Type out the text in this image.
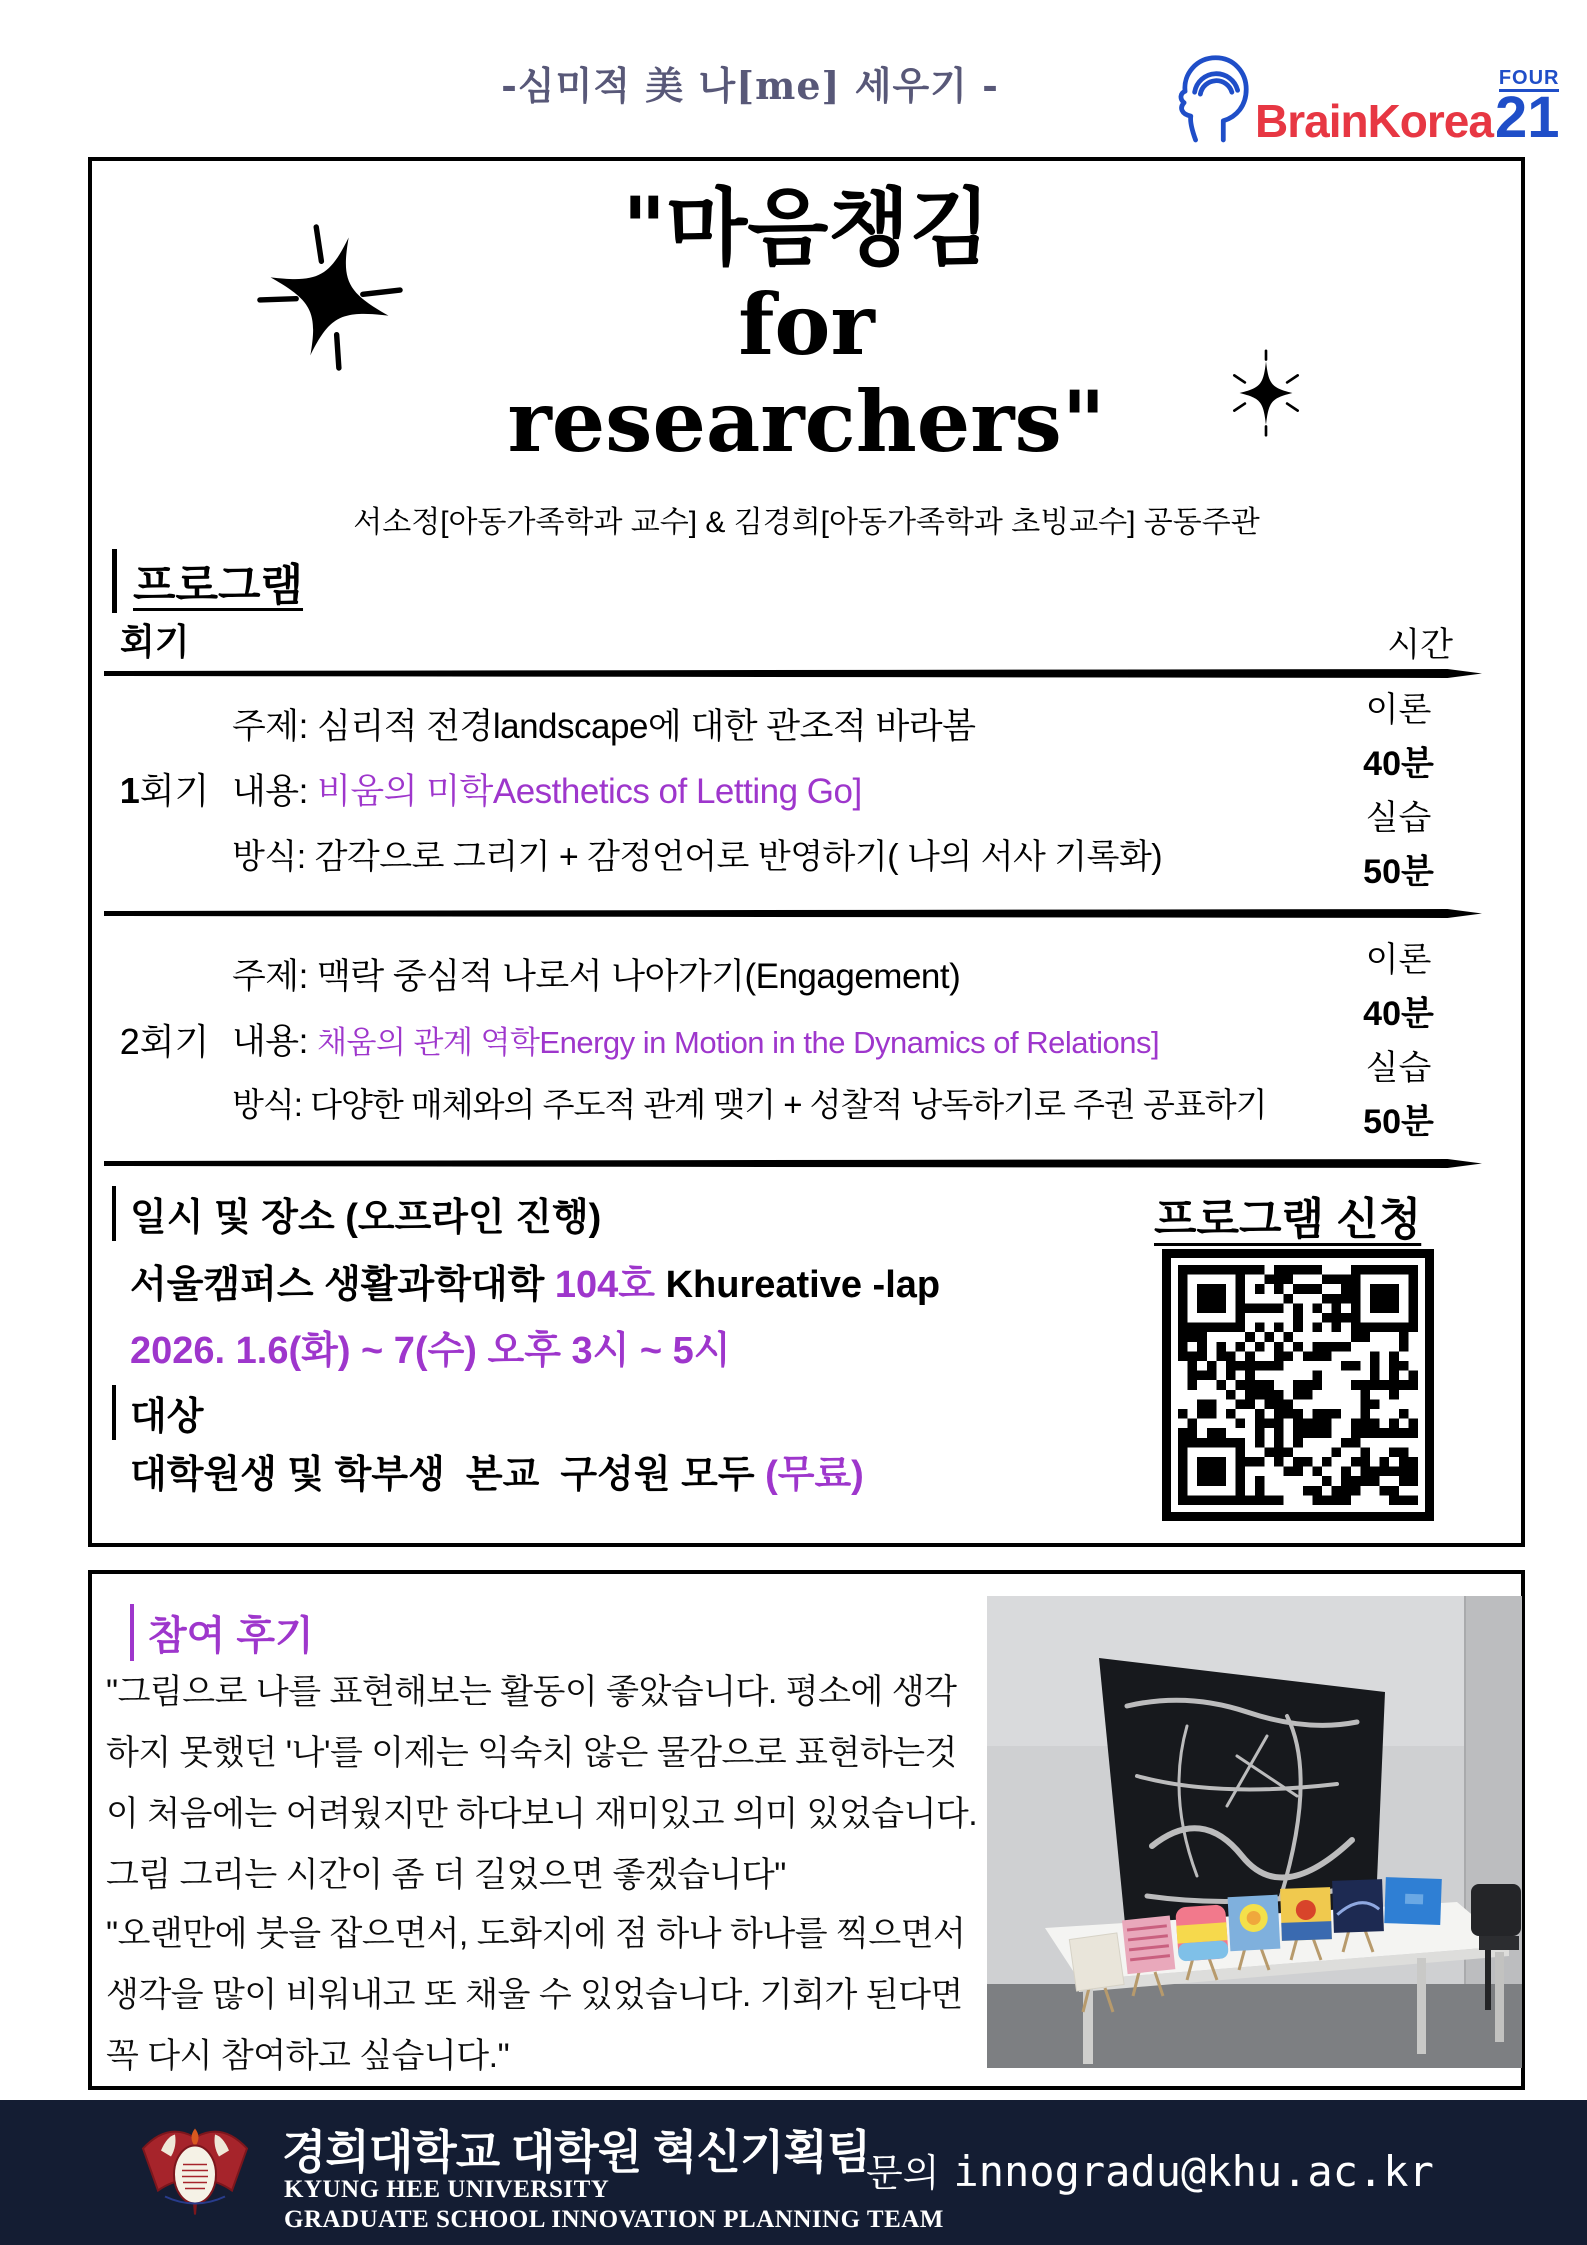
-심미적 美 나[me] 세우기 -
BrainKorea
FOUR
21
"마음챙김
for
researchers"
서소정[아동가족학과 교수] & 김경희[아동가족학과 초빙교수] 공동주관
프로그램
회기	시간
1회기
주제: 심리적 전경landscape에 대한 관조적 바라봄
내용: 비움의 미학Aesthetics of Letting Go]
방식: 감각으로 그리기 + 감정언어로 반영하기( 나의 서사 기록화)
이론
40분
실습
50분
2회기
주제: 맥락 중심적 나로서 나아가기(Engagement)
내용: 채움의 관계 역학Energy in Motion in the Dynamics of Relations]
방식: 다양한 매체와의 주도적 관계 맺기 + 성찰적 낭독하기로 주권 공표하기
이론
40분
실습
50분
일시 및 장소 (오프라인 진행)
서울캠퍼스 생활과학대학 104호 Khureative -lap
2026. 1.6(화) ~ 7(수) 오후 3시 ~ 5시
대상
대학원생 및 학부생  본교  구성원 모두 (무료)
프로그램 신청
참여 후기
"그림으로 나를 표현해보는 활동이 좋았습니다. 평소에 생각하지 못했던 '나'를 이제는 익숙치 않은 물감으로 표현하는것이 처음에는 어려웠지만 하다보니 재미있고 의미 있었습니다. 그림 그리는 시간이 좀 더 길었으면 좋겠습니다"
"오랜만에 붓을 잡으면서, 도화지에 점 하나 하나를 찍으면서 생각을 많이 비워내고 또 채울 수 있었습니다. 기회가 된다면 꼭 다시 참여하고 싶습니다."
경희대학교 대학원 혁신기획팀
KYUNG HEE UNIVERSITY
GRADUATE SCHOOL INNOVATION PLANNING TEAM
문의 innogradu@khu.ac.kr
